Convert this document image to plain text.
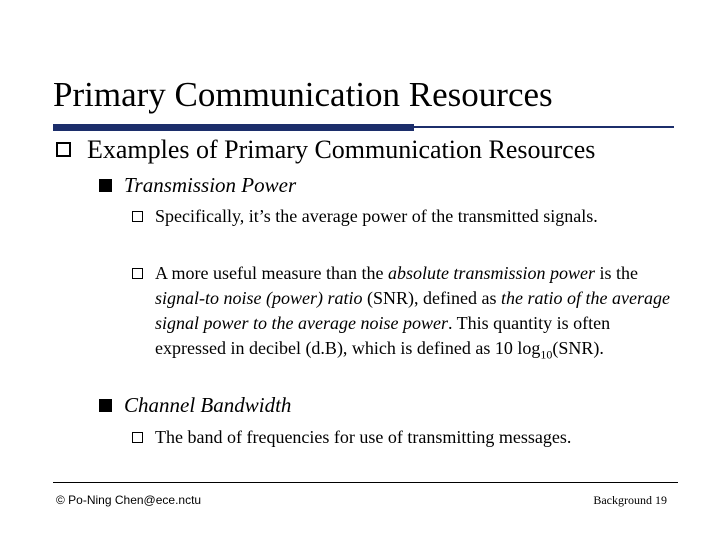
Primary Communication Resources
Examples of Primary Communication Resources
Transmission Power
Specifically, it’s the average power of the transmitted signals.
A more useful measure than the absolute transmission power is the signal-to noise (power) ratio (SNR), defined as the ratio of the average signal power to the average noise power. This quantity is often expressed in decibel (d.B), which is defined as 10 $\log_{10}(SNR)$.
Channel Bandwidth
The band of frequencies for use of transmitting messages.
© Po-Ning Chen@ece.nctu	Background 19
